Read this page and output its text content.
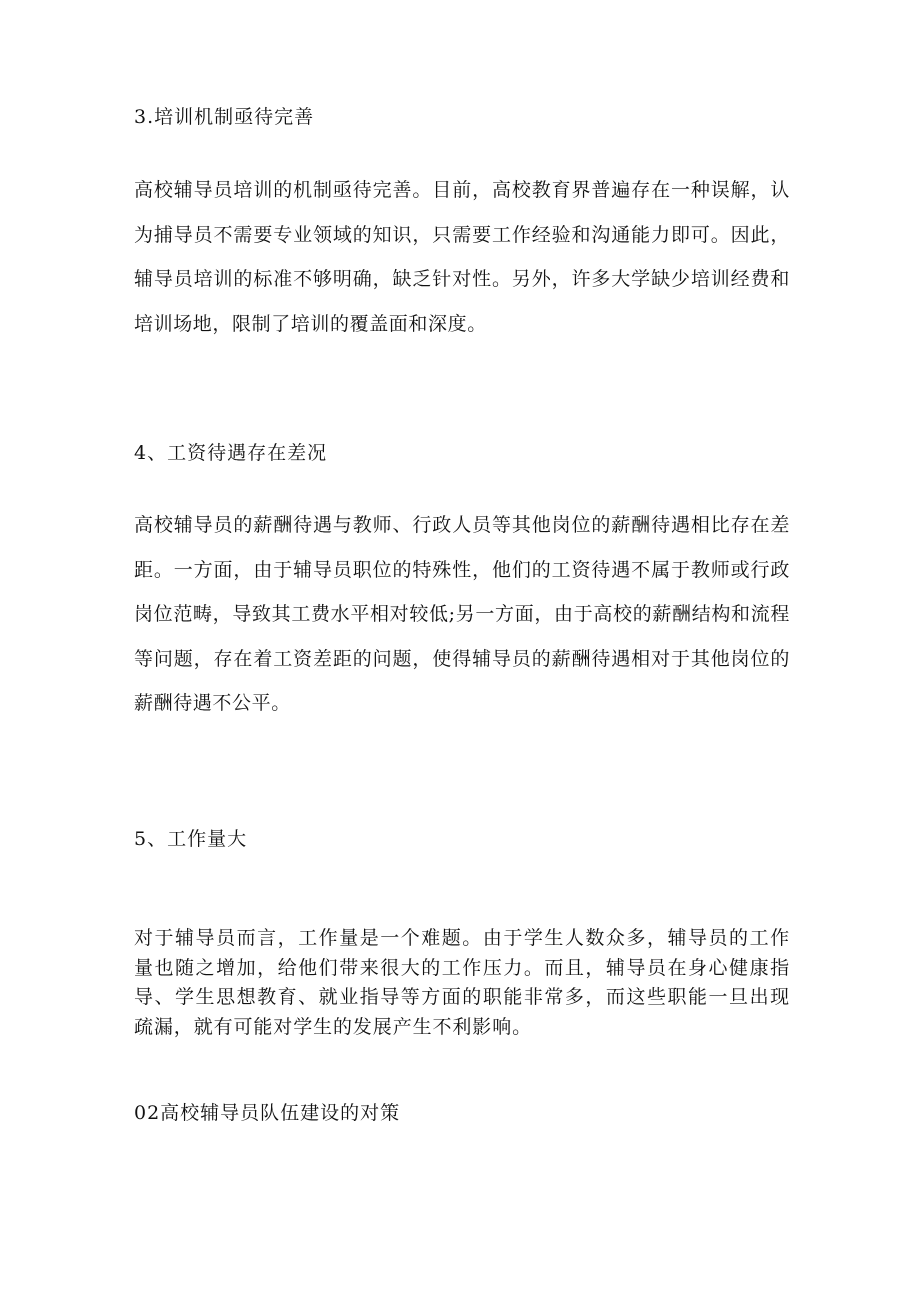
3.培训机制亟待完善

高校辅导员培训的机制亟待完善。目前，高校教育界普遍存在一种误解，认为捕导员不需要专业领域的知识，只需要工作经验和沟通能力即可。因此，辅导员培训的标准不够明确，缺乏针对性。另外，许多大学缺少培训经费和培训场地，限制了培训的覆盖面和深度。

4、工资待遇存在差况

高校辅导员的薪酬待遇与教师、行政人员等其他岗位的薪酬待遇相比存在差距。一方面，由于辅导员职位的特殊性，他们的工资待遇不属于教师或行政岗位范畴，导致其工费水平相对较低;另一方面，由于高校的薪酬结构和流程等问题，存在着工资差距的问题，使得辅导员的薪酬待遇相对于其他岗位的薪酬待遇不公平。

5、工作量大

对于辅导员而言，工作量是一个难题。由于学生人数众多，辅导员的工作量也随之增加，给他们带来很大的工作压力。而且，辅导员在身心健康指导、学生思想教育、就业指导等方面的职能非常多，而这些职能一旦出现疏漏，就有可能对学生的发展产生不利影响。

02高校辅导员队伍建设的对策
